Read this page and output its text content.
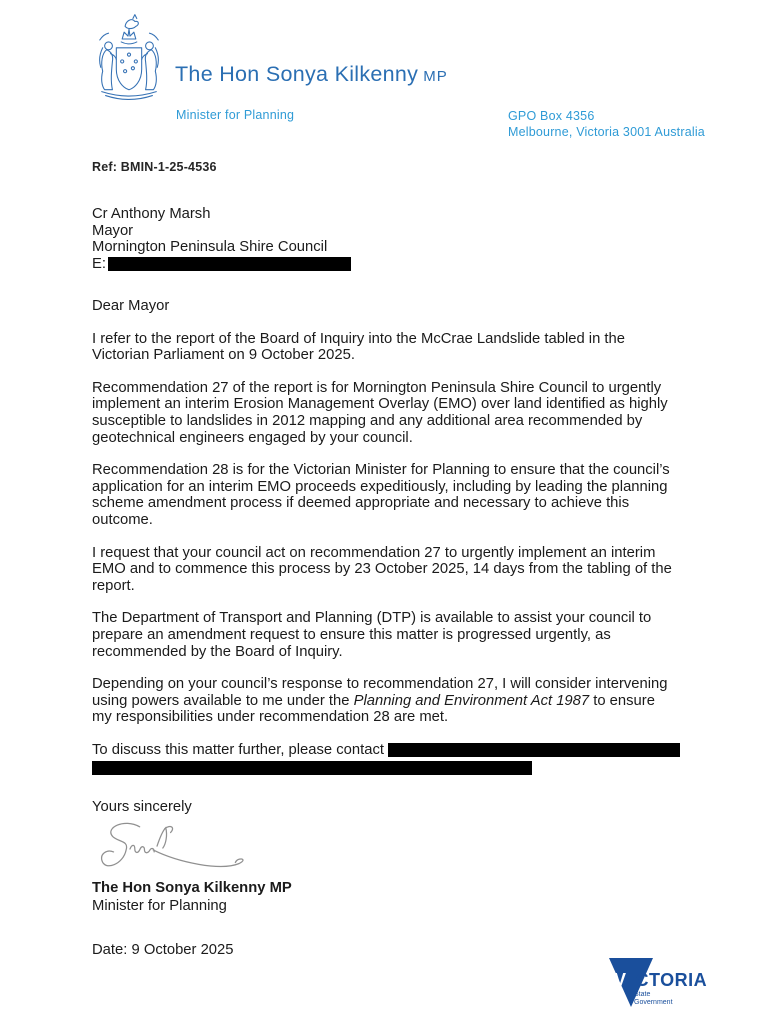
The Hon Sonya Kilkenny MP
Minister for Planning	GPO Box 4356
Melbourne, Victoria 3001 Australia
Ref: BMIN-1-25-4536
Cr Anthony Marsh
Mayor
Mornington Peninsula Shire Council
E:

Dear Mayor

I refer to the report of the Board of Inquiry into the McCrae Landslide tabled in the Victorian Parliament on 9 October 2025.

Recommendation 27 of the report is for Mornington Peninsula Shire Council to urgently implement an interim Erosion Management Overlay (EMO) over land identified as highly susceptible to landslides in 2012 mapping and any additional area recommended by geotechnical engineers engaged by your council.

Recommendation 28 is for the Victorian Minister for Planning to ensure that the council’s application for an interim EMO proceeds expeditiously, including by leading the planning scheme amendment process if deemed appropriate and necessary to achieve this outcome.

I request that your council act on recommendation 27 to urgently implement an interim EMO and to commence this process by 23 October 2025, 14 days from the tabling of the report.

The Department of Transport and Planning (DTP) is available to assist your council to prepare an amendment request to ensure this matter is progressed urgently, as recommended by the Board of Inquiry.

Depending on your council’s response to recommendation 27, I will consider intervening using powers available to me under the Planning and Environment Act 1987 to ensure my responsibilities under recommendation 28 are met.

To discuss this matter further, please contact

Yours sincerely

The Hon Sonya Kilkenny MP
Minister for Planning
Date: 9 October 2025
V ICTORIA
State
Government
